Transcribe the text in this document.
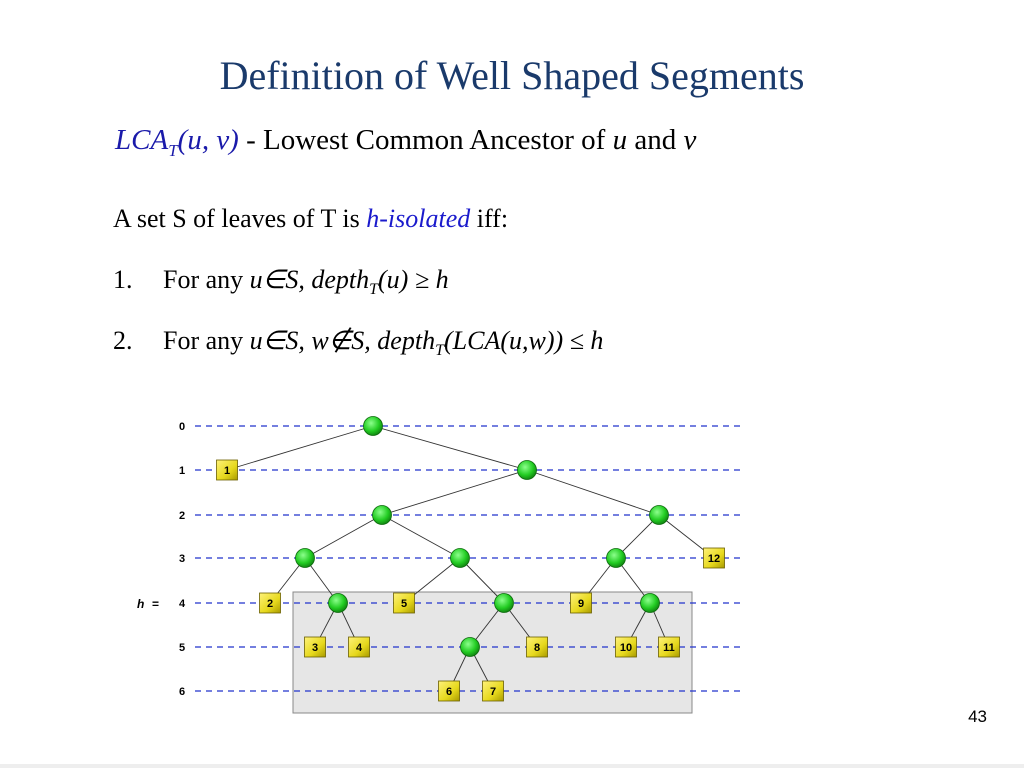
Definition of Well Shaped Segments
$LCA_T(u$, v) - Lowest Common Ancestor of u and v
A set S of leaves of T is h-isolated iff:
1. For any u∈S, depth$_T$(u) ≥ h
2. For any u∈S, w∉S, depth$_T$(LCA(u,w)) ≤ h
0
1
2
3
4
5
6
1
2
3	4
5
6	7
8
9
10	11
12
h =
43
